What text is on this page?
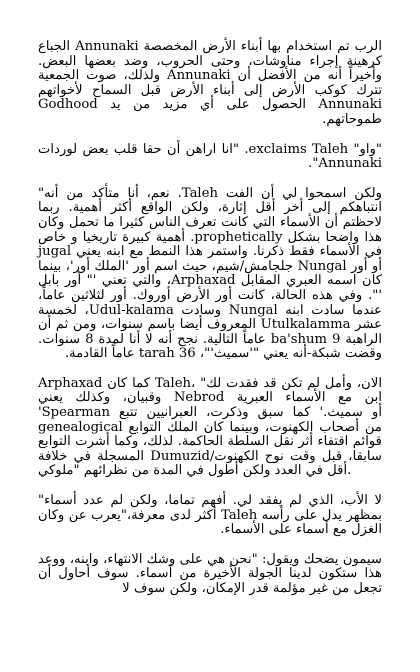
الرب تم استخدام بها أبناء الأرض المخصصة Annunaki الجباع كرهينة إجراء مناوشات، وحتى الحروب، وضد بعضها البعض. وأخيراً أنه من الأفضل أن Annunaki ولذلك، صوت الجمعية تترك كوكب الأرض إلى أبناء الأرض قبل السماح لأخواتهم Annunaki الحصول على أي مزيد من يد Godhood طموحاتهم.

"واو" exclaims Taleh. "انا اراهن أن حقا قلب بعض لوردات Annunaki".

ولكن اسمحوا لي أن الفت Taleh. نعم، أنا متأكد من أنه" انتباهكم إلى أخر أقل إثارة، ولكن الواقع أكثر أهمية. ربما لاحظتم أن الأسماء التي كانت تعرف الناس كثيرا ما تحمل وكان هذا واضحا بشكل prophetically. أهمية كبيرة تاريخيا و خاص في الأسماء فقط ذكرنا. واستمر هذا النمط مع ابنه يعني jugal أو أور Nungal جلجامش/شيم، حيث اسم أور 'الملك أور'، بينما كان اسمه العبري المقابل Arphaxad، والتي تعني '" أور بابل '". وفي هذه الحالة، كانت أور الأرض أوروك. أور لثلاثين عاماً، عندما سادت ابنه Nungal وسادت Udul-kalama، لخمسة عشر Utulkalamma المعروف أيضا باسم سنوات، ومن ثم أن الراهبة ba'shum 9 عاماً التالية. نجح أنه لا أنا لمدة 8 سنوات. وقضت شبكة-أنه يعني "'سميث'"، tarah 36 عاماً القادمة.

Arphaxad كما كان Taleh، الان، وأمل لم تكن قد فقدت لك" وقبيان، وكذلك يعني Nebrod ابن مع الأسماء العبرية 'Spearman أو سميث.' كما سبق وذكرت، العبرانيين تتبع genealogical من أصحاب الكهنوت، وبينما كان الملك التوابع قوائم اقتفاء أثر نقل السلطة الحاكمة. لذلك، وكما أشرت التوابع المسجلة في خلافة Dumuzid/سابقا، قبل وقت نوح الكهنوت أقل في العدد ولكن أطول في المدة من نظرائهم "ملوكي.

لا الأب، الذي لم يفقد لي. أفهم تماما، ولكن لم عدد أسماء" بمظهر يدل على رأسه Taleh أكثر لدى معرفة،"يعرب عن وكان الغزل مع أسماء على الأسماء.

سيمون يضحك ويقول: "نحن هي على وشك الانتهاء، وابنه، ووعد هذا ستكون لدينا الجولة الأخيرة من أسماء. سوف أحاول أن تجعل من غير مؤلمة قدر الإمكان، ولكن سوف لا
